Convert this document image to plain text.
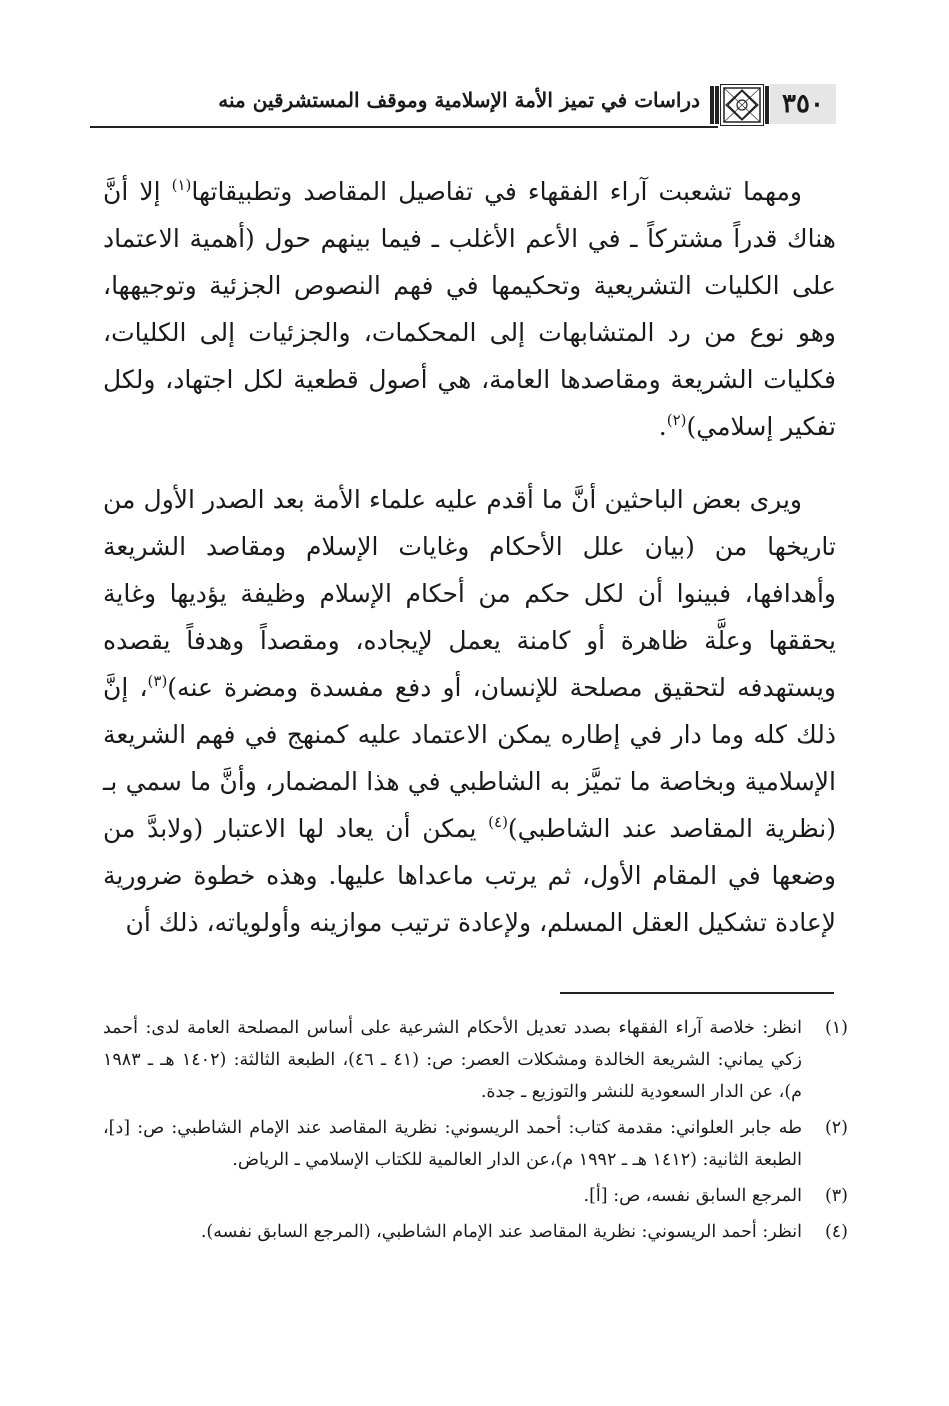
دراسات في تميز الأمة الإسلامية وموقف المستشرقين منه	٣٥٠

ومهما تشعبت آراء الفقهاء في تفاصيل المقاصد وتطبيقاتها$^{(١)}$ إلا أنَّ هناك قدراً مشتركاً ـ في الأعم الأغلب ـ فيما بينهم حول (أهمية الاعتماد على الكليات التشريعية وتحكيمها في فهم النصوص الجزئية وتوجيهها، وهو نوع من رد المتشابهات إلى المحكمات، والجزئيات إلى الكليات، فكليات الشريعة ومقاصدها العامة، هي أصول قطعية لكل اجتهاد، ولكل تفكير إسلامي)$^{(٢)}$.

ويرى بعض الباحثين أنَّ ما أقدم عليه علماء الأمة بعد الصدر الأول من تاريخها من (بيان علل الأحكام وغايات الإسلام ومقاصد الشريعة وأهدافها، فبينوا أن لكل حكم من أحكام الإسلام وظيفة يؤديها وغاية يحققها وعلَّة ظاهرة أو كامنة يعمل لإيجاده، ومقصداً وهدفاً يقصده ويستهدفه لتحقيق مصلحة للإنسان، أو دفع مفسدة ومضرة عنه)$^{(٣)}$، إنَّ ذلك كله وما دار في إطاره يمكن الاعتماد عليه كمنهج في فهم الشريعة الإسلامية وبخاصة ما تميَّز به الشاطبي في هذا المضمار، وأنَّ ما سمي بـ (نظرية المقاصد عند الشاطبي)$^{(٤)}$ يمكن أن يعاد لها الاعتبار (ولابدَّ من وضعها في المقام الأول، ثم يرتب ماعداها عليها. وهذه خطوة ضرورية لإعادة تشكيل العقل المسلم، ولإعادة ترتيب موازينه وأولوياته، ذلك أن

(١)
انظر: خلاصة آراء الفقهاء بصدد تعديل الأحكام الشرعية على أساس المصلحة العامة لدى: أحمد زكي يماني: الشريعة الخالدة ومشكلات العصر: ص: (٤١ ـ ٤٦)، الطبعة الثالثة: (١٤٠٢ هـ ـ ١٩٨٣ م)، عن الدار السعودية للنشر والتوزيع ـ جدة.
(٢)
طه جابر العلواني: مقدمة كتاب: أحمد الريسوني: نظرية المقاصد عند الإمام الشاطبي: ص: [د]، الطبعة الثانية: (١٤١٢ هـ ـ ١٩٩٢ م)،عن الدار العالمية للكتاب الإسلامي ـ الرياض.
(٣)
المرجع السابق نفسه، ص: [أ].
(٤)
انظر: أحمد الريسوني: نظرية المقاصد عند الإمام الشاطبي، (المرجع السابق نفسه).
